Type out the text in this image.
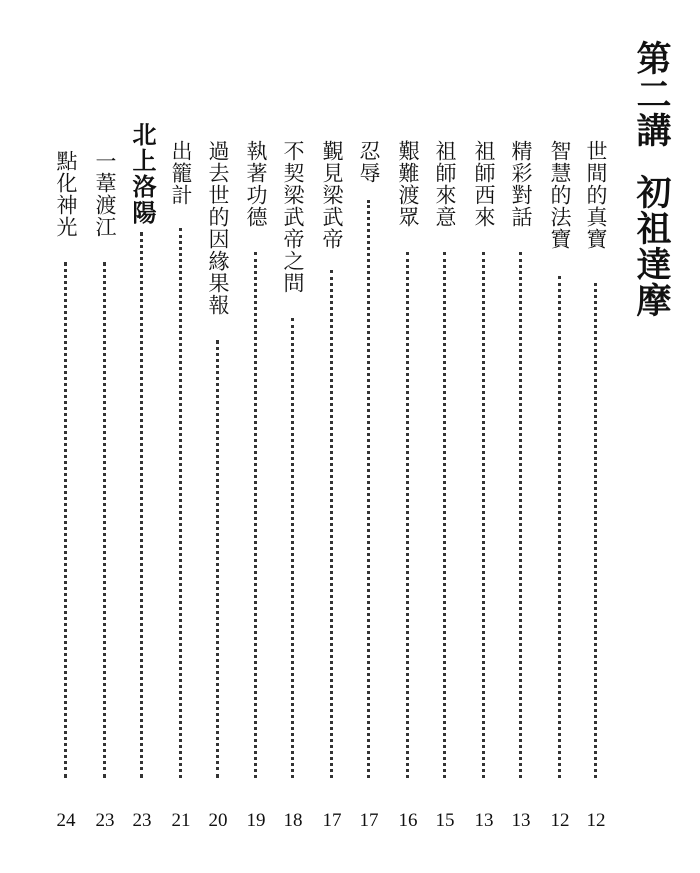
第二講初祖達摩
世間的真寶
12
智慧的法寶
12
精彩對話
13
祖師西來
13
祖師來意
15
艱難渡眾
16
忍辱
17
覲見梁武帝
17
不契梁武帝之問
18
執著功德
19
過去世的因緣果報
20
出籠計
21
北上洛陽
23
一葦渡江
23
點化神光
24
